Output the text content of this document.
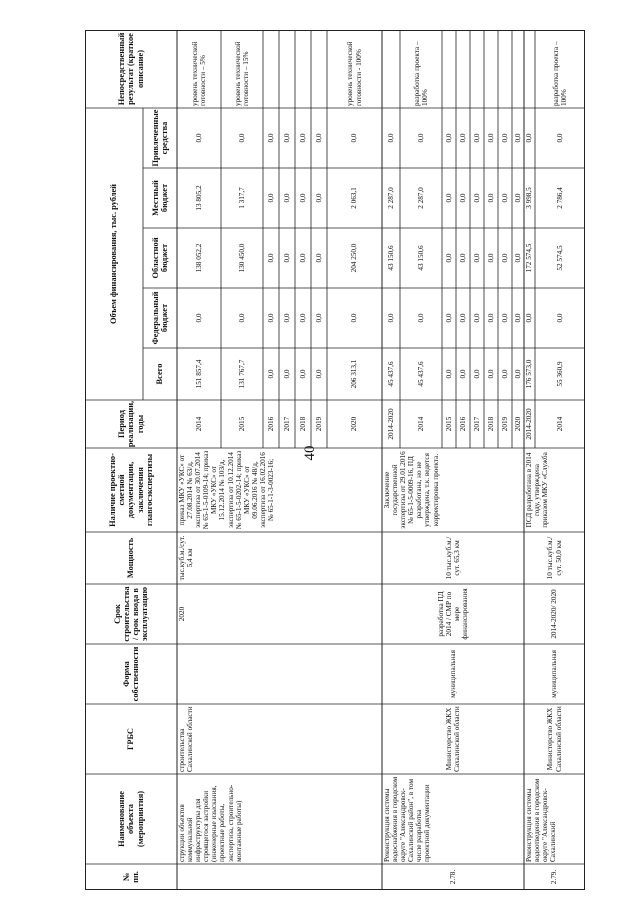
40
№ пп.
Наименование объекта (мероприятия)
ГРБС
Форма собственности
Срок строительства / срок ввода в эксплуатацию
Мощность
Наличие проектно-сметной документации, заключения главгосэкспертизы
Период реализации, годы
Объем финансирования, тыс. рублей
Всего
Федеральный бюджет
Областной бюджет
Местный бюджет
Привлеченные средства
Непосредственный результат (краткое описание)
струкции объектов коммунальной инфраструктуры для строящегося застройки (инженерные изыскания, проектные работы, экспертиза, строительно-монтажные работы)
строительства Сахалинской области
2020
тыс.куб.м./сут. 5,4 км
приказ МКУ «УКС» от 27.08.2014 № 63/д, экспертиза от 30.07.2014 № 65-1-5-0109-14; приказ МКУ «УКС» от 15.12.2014 № 103/д, экспертиза от 10.12.2014 № 65-1-5-0202-14; приказ МКУ «УКС» от 09.06.2016 № 48/д, экспертиза от 16.02.2016 № 65-1-1-3-0023-16;
2014
151 857,4
0,0
138 052,2
13 805,2
0,0
уровень технической готовности – 5%
2015
131 767,7
0,0
130 450,0
1 317,7
0,0
уровень технической готовности – 15%
2016
0,0
0,0
0,0
0,0
0,0
2017
0,0
0,0
0,0
0,0
0,0
2018
0,0
0,0
0,0
0,0
0,0
2019
0,0
0,0
0,0
0,0
0,0
2020
206 313,1
0,0
204 250,0
2 063,1
0,0
уровень технической готовности - 100%
2.78.
Реконструкция системы водоснабжения в городском округе "Александровск-Сахалинский район", в том числе разработка проектной документации
Министерство ЖКХ Сахалинской области
муниципальная
разработка ПД 2014 / СМР по мере финансирования
10 тыс.куб.м./сут. 65,3 км
Заключение государственной экспертизы от 29.01.2016 № 65-1-5-0009-16, ПД разработана, но не утверждена, т.к. ведется корректировка проекта.
2014-2020
45 437,6
0,0
43 150,6
2 287,0
0,0
2014
45 437,6
0,0
43 150,6
2 287,0
0,0
разработка проекта – 100%
2015
0,0
0,0
0,0
0,0
0,0
2016
0,0
0,0
0,0
0,0
0,0
2017
0,0
0,0
0,0
0,0
0,0
2018
0,0
0,0
0,0
0,0
0,0
2019
0,0
0,0
0,0
0,0
0,0
2020
0,0
0,0
0,0
0,0
0,0
2.79.
Реконструкция системы водоотведения в городском округе "Александровск-Сахалинский
Министерство ЖКХ Сахалинской области
муниципальная
2014-2020/ 2020
10 тыс.куб.м./сут. 50,0 км
ПСД разработана в 2014 году, утверждена приказом МКУ «Служба
2014-2020
176 573,0
0,0
172 574,5
3 998,5
0,0
2014
55 360,9
0,0
52 574,5
2 786,4
0,0
разработка проекта – 100%
